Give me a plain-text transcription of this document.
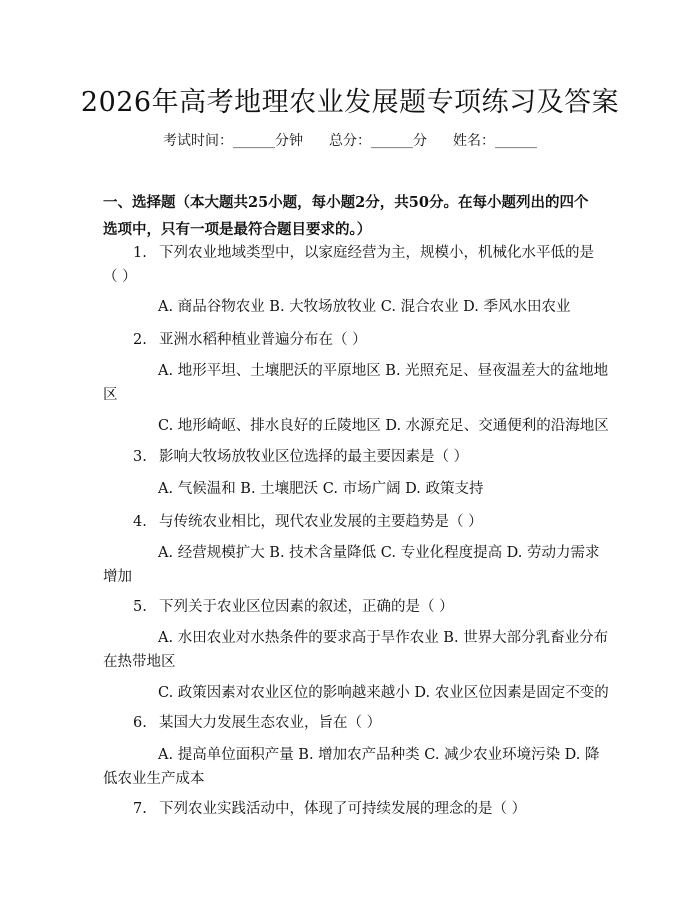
2026年高考地理农业发展题专项练习及答案
考试时间：______分钟 总分：______分 姓名：______
一、选择题（本大题共25小题，每小题2分，共50分。在每小题列出的四个选项中，只有一项是最符合题目要求的。）
1. 下列农业地域类型中，以家庭经营为主，规模小，机械化水平低的是
（ ）
A. 商品谷物农业 B. 大牧场放牧业 C. 混合农业 D. 季风水田农业
2. 亚洲水稻种植业普遍分布在（ ）
A. 地形平坦、土壤肥沃的平原地区 B. 光照充足、昼夜温差大的盆地地
区
C. 地形崎岖、排水良好的丘陵地区 D. 水源充足、交通便利的沿海地区
3. 影响大牧场放牧业区位选择的最主要因素是（ ）
A. 气候温和 B. 土壤肥沃 C. 市场广阔 D. 政策支持
4. 与传统农业相比，现代农业发展的主要趋势是（ ）
A. 经营规模扩大 B. 技术含量降低 C. 专业化程度提高 D. 劳动力需求
增加
5. 下列关于农业区位因素的叙述，正确的是（ ）
A. 水田农业对水热条件的要求高于旱作农业 B. 世界大部分乳畜业分布
在热带地区
C. 政策因素对农业区位的影响越来越小 D. 农业区位因素是固定不变的
6. 某国大力发展生态农业，旨在（ ）
A. 提高单位面积产量 B. 增加农产品种类 C. 减少农业环境污染 D. 降
低农业生产成本
7. 下列农业实践活动中，体现了可持续发展的理念的是（ ）
